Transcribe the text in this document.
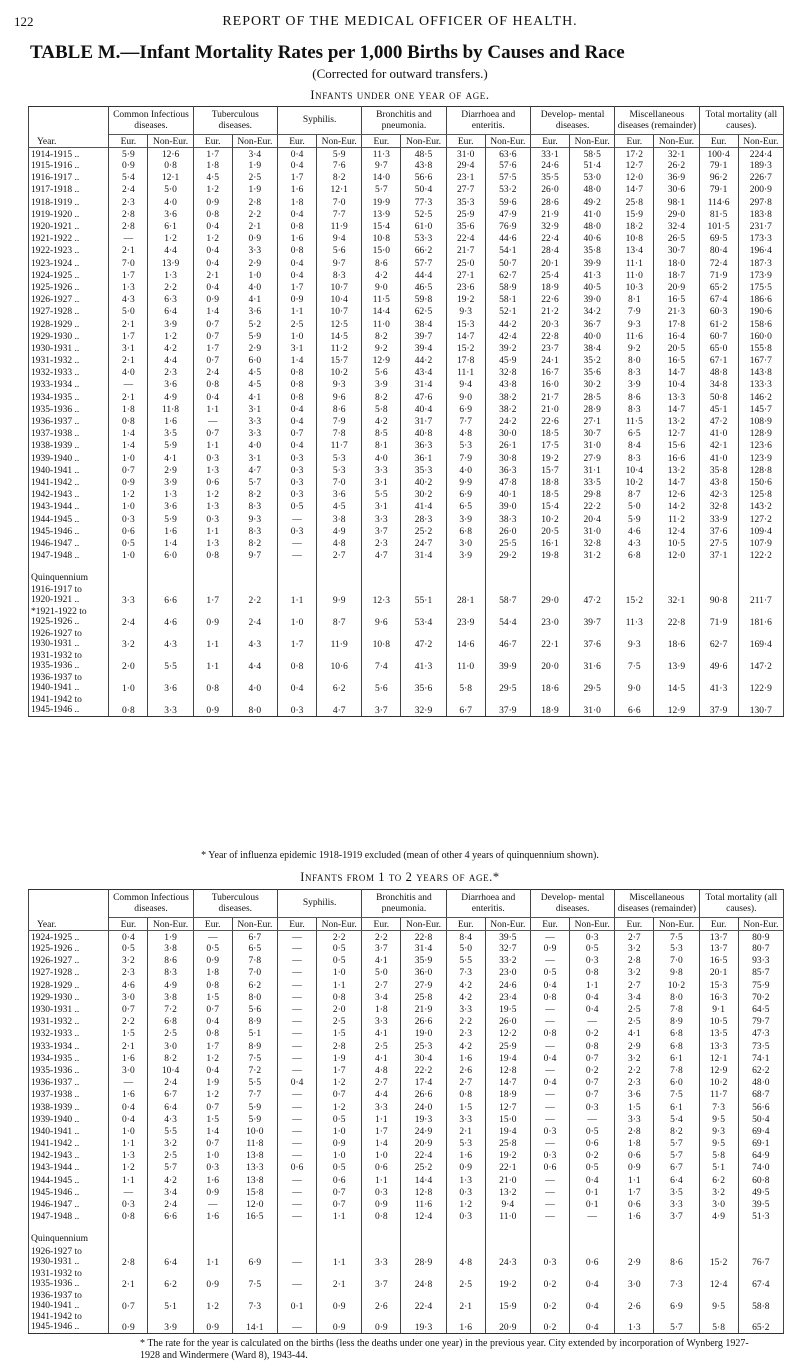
122	REPORT OF THE MEDICAL OFFICER OF HEALTH.
TABLE M.—Infant Mortality Rates per 1,000 Births by Causes and Race
(Corrected for outward transfers.)
Infants under one year of age.
Year.	Common Infectious diseases.		Tuberculous diseases.		Syphilis.		Bronchitis and pneumonia.		Diarrhoea and enteritis.		Develop- mental diseases.		Miscellaneous diseases (remainder)		Total mortality (all causes).	
	Eur.	Non-Eur.	Eur.	Non-Eur.	Eur.	Non-Eur.	Eur.	Non-Eur.	Eur.	Non-Eur.	Eur.	Non-Eur.	Eur.	Non-Eur.	Eur.	Non-Eur.
1914-1915 ..	5·9	12·6	1·7	3·4	0·4	5·9	11·3	48·5	31·0	63·6	33·1	58·5	17·2	32·1	100·4	224·4
1915-1916 ..	0·9	0·8	1·8	1·9	0·4	7·6	9·7	43·8	29·4	57·6	24·6	51·4	12·7	26·2	79·1	189·3
1916-1917 ..	5·4	12·1	4·5	2·5	1·7	8·2	14·0	56·6	23·1	57·5	35·5	53·0	12·0	36·9	96·2	226·7
1917-1918 ..	2·4	5·0	1·2	1·9	1·6	12·1	5·7	50·4	27·7	53·2	26·0	48·0	14·7	30·6	79·1	200·9
1918-1919 ..	2·3	4·0	0·9	2·8	1·8	7·0	19·9	77·3	35·3	59·6	28·6	49·2	25·8	98·1	114·6	297·8
1919-1920 ..	2·8	3·6	0·8	2·2	0·4	7·7	13·9	52·5	25·9	47·9	21·9	41·0	15·9	29·0	81·5	183·8
1920-1921 ..	2·8	6·1	0·4	2·1	0·8	11·9	15·4	61·0	35·6	76·9	32·9	48·0	18·2	32·4	101·5	231·7
1921-1922 ..	—	1·2	1·2	0·9	1·6	9·4	10·8	53·3	22·4	44·6	22·4	40·6	10·8	26·5	69·5	173·3
1922-1923 ..	2·1	4·4	0·4	3·3	0·8	5·6	15·0	66·2	21·7	54·1	28·4	35·8	13·4	30·7	80·4	196·4
1923-1924 ..	7·0	13·9	0·4	2·9	0·4	9·7	8·6	57·7	25·0	50·7	20·1	39·9	11·1	18·0	72·4	187·3
1924-1925 ..	1·7	1·3	2·1	1·0	0·4	8·3	4·2	44·4	27·1	62·7	25·4	41·3	11·0	18·7	71·9	173·9
1925-1926 ..	1·3	2·2	0·4	4·0	1·7	10·7	9·0	46·5	23·6	58·9	18·9	40·5	10·3	20·9	65·2	175·5
1926-1927 ..	4·3	6·3	0·9	4·1	0·9	10·4	11·5	59·8	19·2	58·1	22·6	39·0	8·1	16·5	67·4	186·6
1927-1928 ..	5·0	6·4	1·4	3·6	1·1	10·7	14·4	62·5	9·3	52·1	21·2	34·2	7·9	21·3	60·3	190·6
1928-1929 ..	2·1	3·9	0·7	5·2	2·5	12·5	11·0	38·4	15·3	44·2	20·3	36·7	9·3	17·8	61·2	158·6
1929-1930 ..	1·7	1·2	0·7	5·9	1·0	14·5	8·2	39·7	14·7	42·4	22·8	40·0	11·6	16·4	60·7	160·0
1930-1931 ..	3·1	4·2	1·7	2·9	3·1	11·2	9·2	39·4	15·2	39·2	23·7	38·4	9·2	20·5	65·0	155·8
1931-1932 ..	2·1	4·4	0·7	6·0	1·4	15·7	12·9	44·2	17·8	45·9	24·1	35·2	8·0	16·5	67·1	167·7
1932-1933 ..	4·0	2·3	2·4	4·5	0·8	10·2	5·6	43·4	11·1	32·8	16·7	35·6	8·3	14·7	48·8	143·8
1933-1934 ..	—	3·6	0·8	4·5	0·8	9·3	3·9	31·4	9·4	43·8	16·0	30·2	3·9	10·4	34·8	133·3
1934-1935 ..	2·1	4·9	0·4	4·1	0·8	9·6	8·2	47·6	9·0	38·2	21·7	28·5	8·6	13·3	50·8	146·2
1935-1936 ..	1·8	11·8	1·1	3·1	0·4	8·6	5·8	40·4	6·9	38·2	21·0	28·9	8·3	14·7	45·1	145·7
1936-1937 ..	0·8	1·6	—	3·3	0·4	7·9	4·2	31·7	7·7	24·2	22·6	27·1	11·5	13·2	47·2	108·9
1937-1938 ..	1·4	3·5	0·7	3·3	0·7	7·8	8·5	40·8	4·8	30·0	18·5	30·7	6·5	12·7	41·0	128·9
1938-1939 ..	1·4	5·9	1·1	4·0	0·4	11·7	8·1	36·3	5·3	26·1	17·5	31·0	8·4	15·6	42·1	123·6
1939-1940 ..	1·0	4·1	0·3	3·1	0·3	5·3	4·0	36·1	7·9	30·8	19·2	27·9	8·3	16·6	41·0	123·9
1940-1941 ..	0·7	2·9	1·3	4·7	0·3	5·3	3·3	35·3	4·0	36·3	15·7	31·1	10·4	13·2	35·8	128·8
1941-1942 ..	0·9	3·9	0·6	5·7	0·3	7·0	3·1	40·2	9·9	47·8	18·8	33·5	10·2	14·7	43·8	150·6
1942-1943 ..	1·2	1·3	1·2	8·2	0·3	3·6	5·5	30·2	6·9	40·1	18·5	29·8	8·7	12·6	42·3	125·8
1943-1944 ..	1·0	3·6	1·3	8·3	0·5	4·5	3·1	41·4	6·5	39·0	15·4	22·2	5·0	14·2	32·8	143·2
1944-1945 ..	0·3	5·9	0·3	9·3	—	3·8	3·3	28·3	3·9	38·3	10·2	20·4	5·9	11·2	33·9	127·2
1945-1946 ..	0·6	1·6	1·1	8·3	0·3	4·9	3·7	25·2	6·8	26·0	20·5	31·0	4·6	12·4	37·6	109·4
1946-1947 ..	0·5	1·4	1·3	8·2	—	4·8	2·3	24·7	3·0	25·5	16·1	32·8	4·3	10·5	27·5	107·9
1947-1948 ..	1·0	6·0	0·8	9·7	—	2·7	4·7	31·4	3·9	29·2	19·8	31·2	6·8	12·0	37·1	122·2

Quinquennium																

1916-1917 to
1920-1921 ..	3·3	6·6	1·7	2·2	1·1	9·9	12·3	55·1	28·1	58·7	29·0	47·2	15·2	32·1	90·8	211·7

*1921-1922 to
1925-1926 ..	2·4	4·6	0·9	2·4	1·0	8·7	9·6	53·4	23·9	54·4	23·0	39·7	11·3	22·8	71·9	181·6

1926-1927 to
1930-1931 ..	3·2	4·3	1·1	4·3	1·7	11·9	10·8	47·2	14·6	46·7	22·1	37·6	9·3	18·6	62·7	169·4

1931-1932 to
1935-1936 ..	2·0	5·5	1·1	4·4	0·8	10·6	7·4	41·3	11·0	39·9	20·0	31·6	7·5	13·9	49·6	147·2

1936-1937 to
1940-1941 ..	1·0	3·6	0·8	4·0	0·4	6·2	5·6	35·6	5·8	29·5	18·6	29·5	9·0	14·5	41·3	122·9

1941-1942 to
1945-1946 ..	0·8	3·3	0·9	8·0	0·3	4·7	3·7	32·9	6·7	37·9	18·9	31·0	6·6	12·9	37·9	130·7
* Year of influenza epidemic 1918-1919 excluded (mean of other 4 years of quinquennium shown).
Infants from 1 to 2 years of age.*
Year.	Common Infectious diseases.		Tuberculous diseases.		Syphilis.		Bronchitis and pneumonia.		Diarrhoea and enteritis.		Develop- mental diseases.		Miscellaneous diseases (remainder)		Total mortality (all causes).	
	Eur.	Non-Eur.	Eur.	Non-Eur.	Eur.	Non-Eur.	Eur.	Non-Eur.	Eur.	Non-Eur.	Eur.	Non-Eur.	Eur.	Non-Eur.	Eur.	Non-Eur.
1924-1925 ..	0·4	1·9	—	6·7	—	2·2	2·2	22·8	8·4	39·5	—	0·3	2·7	7·5	13·7	80·9
1925-1926 ..	0·5	3·8	0·5	6·5	—	0·5	3·7	31·4	5·0	32·7	0·9	0·5	3·2	5·3	13·7	80·7
1926-1927 ..	3·2	8·6	0·9	7·8	—	0·5	4·1	35·9	5·5	33·2	—	0·3	2·8	7·0	16·5	93·3
1927-1928 ..	2·3	8·3	1·8	7·0	—	1·0	5·0	36·0	7·3	23·0	0·5	0·8	3·2	9·8	20·1	85·7
1928-1929 ..	4·6	4·9	0·8	6·2	—	1·1	2·7	27·9	4·2	24·6	0·4	1·1	2·7	10·2	15·3	75·9
1929-1930 ..	3·0	3·8	1·5	8·0	—	0·8	3·4	25·8	4·2	23·4	0·8	0·4	3·4	8·0	16·3	70·2
1930-1931 ..	0·7	7·2	0·7	5·6	—	2·0	1·8	21·9	3·3	19·5	—	0·4	2·5	7·8	9·1	64·5
1931-1932 ..	2·2	6·8	0·4	8·9	—	2·5	3·3	26·6	2·2	26·0	—	—	2·5	8·9	10·5	79·7
1932-1933 ..	1·5	2·5	0·8	5·1	—	1·5	4·1	19·0	2·3	12·2	0·8	0·2	4·1	6·8	13·5	47·3
1933-1934 ..	2·1	3·0	1·7	8·9	—	2·8	2·5	25·3	4·2	25·9	—	0·8	2·9	6·8	13·3	73·5
1934-1935 ..	1·6	8·2	1·2	7·5	—	1·9	4·1	30·4	1·6	19·4	0·4	0·7	3·2	6·1	12·1	74·1
1935-1936 ..	3·0	10·4	0·4	7·2	—	1·7	4·8	22·2	2·6	12·8	—	0·2	2·2	7·8	12·9	62·2
1936-1937 ..	—	2·4	1·9	5·5	0·4	1·2	2·7	17·4	2·7	14·7	0·4	0·7	2·3	6·0	10·2	48·0
1937-1938 ..	1·6	6·7	1·2	7·7	—	0·7	4·4	26·6	0·8	18·9	—	0·7	3·6	7·5	11·7	68·7
1938-1939 ..	0·4	6·4	0·7	5·9	—	1·2	3·3	24·0	1·5	12·7	—	0·3	1·5	6·1	7·3	56·6
1939-1940 ..	0·4	4·3	1·5	5·9	—	0·5	1·1	19·3	3·3	15·0	—	—	3·3	5·4	9·5	50·4
1940-1941 ..	1·0	5·5	1·4	10·0	—	1·0	1·7	24·9	2·1	19·4	0·3	0·5	2·8	8·2	9·3	69·4
1941-1942 ..	1·1	3·2	0·7	11·8	—	0·9	1·4	20·9	5·3	25·8	—	0·6	1·8	5·7	9·5	69·1
1942-1943 ..	1·3	2·5	1·0	13·8	—	1·0	1·0	22·4	1·6	19·2	0·3	0·2	0·6	5·7	5·8	64·9
1943-1944 ..	1·2	5·7	0·3	13·3	0·6	0·5	0·6	25·2	0·9	22·1	0·6	0·5	0·9	6·7	5·1	74·0
1944-1945 ..	1·1	4·2	1·6	13·8	—	0·6	1·1	14·4	1·3	21·0	—	0·4	1·1	6·4	6·2	60·8
1945-1946 ..	—	3·4	0·9	15·8	—	0·7	0·3	12·8	0·3	13·2	—	0·1	1·7	3·5	3·2	49·5
1946-1947 ..	0·3	2·4	—	12·0	—	0·7	0·9	11·6	1·2	9·4	—	0·1	0·6	3·3	3·0	39·5
1947-1948 ..	0·8	6·6	1·6	16·5	—	1·1	0·8	12·4	0·3	11·0	—	—	1·6	3·7	4·9	51·3

Quinquennium																

1926-1927 to
1930-1931 ..	2·8	6·4	1·1	6·9	—	1·1	3·3	28·9	4·8	24·3	0·3	0·6	2·9	8·6	15·2	76·7

1931-1932 to
1935-1936 ..	2·1	6·2	0·9	7·5	—	2·1	3·7	24·8	2·5	19·2	0·2	0·4	3·0	7·3	12·4	67·4

1936-1937 to
1940-1941 ..	0·7	5·1	1·2	7·3	0·1	0·9	2·6	22·4	2·1	15·9	0·2	0·4	2·6	6·9	9·5	58·8

1941-1942 to
1945-1946 ..	0·9	3·9	0·9	14·1	—	0·9	0·9	19·3	1·6	20·9	0·2	0·4	1·3	5·7	5·8	65·2
* The rate for the year is calculated on the births (less the deaths under one year) in the previous year. City extended by incorporation of Wynberg 1927-1928 and Windermere (Ward 8), 1943-44.
